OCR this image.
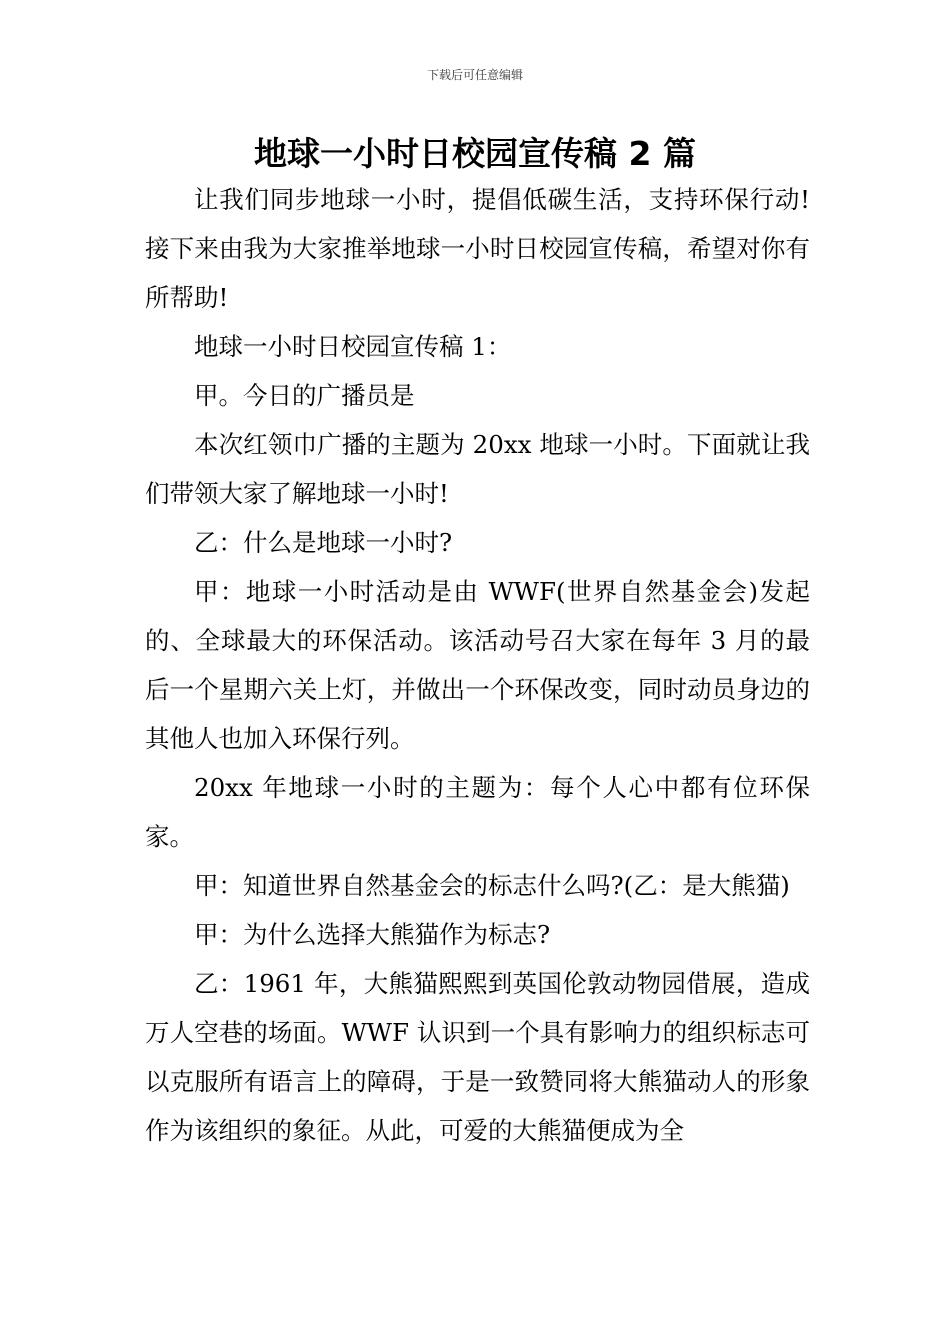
下载后可任意编辑
地球一小时日校园宣传稿 2 篇

让我们同步地球一小时，提倡低碳生活，支持环保行动!接下来由我为大家推举地球一小时日校园宣传稿，希望对你有所帮助!

地球一小时日校园宣传稿 1：

甲。今日的广播员是

本次红领巾广播的主题为 20xx 地球一小时。下面就让我们带领大家了解地球一小时!

乙：什么是地球一小时?

甲：地球一小时活动是由 WWF(世界自然基金会)发起的、全球最大的环保活动。该活动号召大家在每年 3 月的最后一个星期六关上灯，并做出一个环保改变，同时动员身边的其他人也加入环保行列。

20xx 年地球一小时的主题为：每个人心中都有位环保家。

甲：知道世界自然基金会的标志什么吗?(乙：是大熊猫)

甲：为什么选择大熊猫作为标志?

乙：1961 年，大熊猫熙熙到英国伦敦动物园借展，造成万人空巷的场面。WWF 认识到一个具有影响力的组织标志可以克服所有语言上的障碍，于是一致赞同将大熊猫动人的形象作为该组织的象征。从此，可爱的大熊猫便成为全
